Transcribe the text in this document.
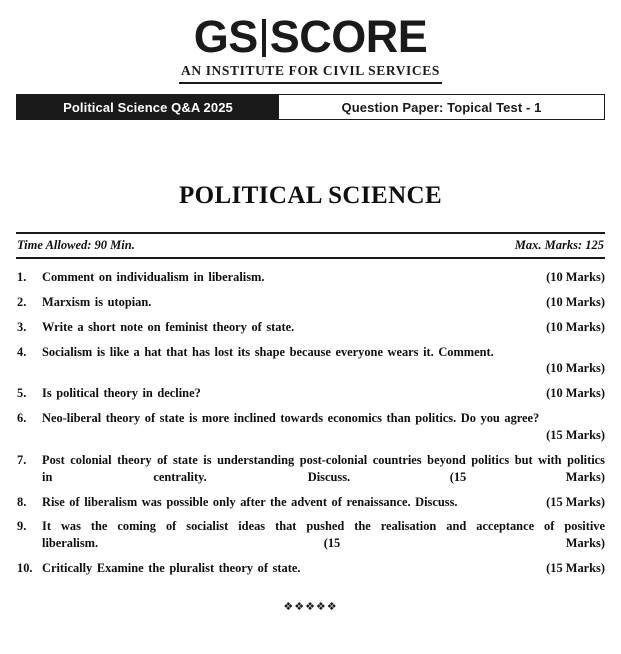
GS SCORE
AN INSTITUTE FOR CIVIL SERVICES
Political Science Q&A 2025	Question Paper: Topical Test - 1
POLITICAL SCIENCE
Time Allowed: 90 Min.	Max. Marks: 125
1.	Comment on individualism in liberalism.	(10 Marks)
2.	Marxism is utopian.	(10 Marks)
3.	Write a short note on feminist theory of state.	(10 Marks)
4.	Socialism is like a hat that has lost its shape because everyone wears it. Comment.
(10 Marks)
5.	Is political theory in decline?	(10 Marks)
6.	Neo-liberal theory of state is more inclined towards economics than politics. Do you agree?
(15 Marks)
7.	Post colonial theory of state is understanding post-colonial countries beyond politics but with politics in centrality. Discuss.	(15 Marks)
8.	Rise of liberalism was possible only after the advent of renaissance. Discuss.	(15 Marks)
9.	It was the coming of socialist ideas that pushed the realisation and acceptance of positive liberalism.	(15 Marks)
10. Critically Examine the pluralist theory of state.	(15 Marks)
❖❖❖❖❖
